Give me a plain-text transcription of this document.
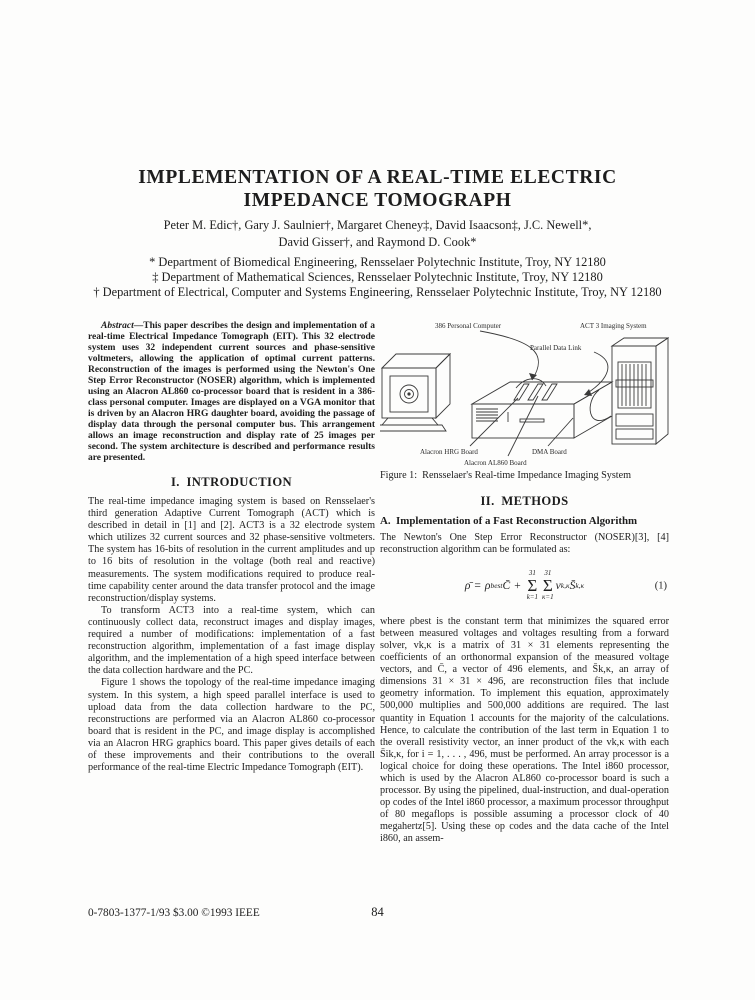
IMPLEMENTATION OF A REAL-TIME ELECTRIC
IMPEDANCE TOMOGRAPH
Peter M. Edic†, Gary J. Saulnier†, Margaret Cheney‡, David Isaacson‡, J.C. Newell*,
David Gisser†, and Raymond D. Cook*
* Department of Biomedical Engineering, Rensselaer Polytechnic Institute, Troy, NY 12180
‡ Department of Mathematical Sciences, Rensselaer Polytechnic Institute, Troy, NY 12180
† Department of Electrical, Computer and Systems Engineering, Rensselaer Polytechnic Institute, Troy, NY 12180

Abstract—This paper describes the design and implementation of a real-time Electrical Impedance Tomograph (EIT). This 32 electrode system uses 32 independent current sources and phase-sensitive voltmeters, allowing the application of optimal current patterns. Reconstruction of the images is performed using the Newton's One Step Error Reconstructor (NOSER) algorithm, which is implemented using an Alacron AL860 co-processor board that is resident in a 386-class personal computer. Images are displayed on a VGA monitor that is driven by an Alacron HRG daughter board, avoiding the passage of display data through the personal computer bus. This arrangement allows an image reconstruction and display rate of 25 images per second. The system architecture is described and performance results are presented.

I. INTRODUCTION

The real-time impedance imaging system is based on Rensselaer's third generation Adaptive Current Tomograph (ACT) which is described in detail in [1] and [2]. ACT3 is a 32 electrode system which utilizes 32 current sources and 32 phase-sensitive voltmeters. The system has 16-bits of resolution in the current amplitudes and up to 16 bits of resolution in the voltage (both real and reactive) measurements. The system modifications required to produce real-time capability center around the data transfer protocol and the image reconstruction/display systems.

To transform ACT3 into a real-time system, which can continuously collect data, reconstruct images and display images, required a number of modifications: implementation of a fast reconstruction algorithm, implementation of a fast image display algorithm, and the implementation of a high speed interface between the data collection hardware and the PC.

Figure 1 shows the topology of the real-time impedance imaging system. In this system, a high speed parallel interface is used to upload data from the data collection hardware to the PC, reconstructions are performed via an Alacron AL860 co-processor board that is resident in the PC, and image display is accomplished via an Alacron HRG graphics board. This paper gives details of each of these improvements and their contributions to the overall performance of the real-time Electric Impedance Tomograph (EIT).

386 Personal Computer	ACT 3 Imaging System
Parallel Data Link
Alacron HRG Board	DMA Board
Alacron AL860 Board

Figure 1: Rensselaer's Real-time Impedance Imaging System

II. METHODS
A. Implementation of a Fast Reconstruction Algorithm

The Newton's One Step Error Reconstructor (NOSER)[3], [4] reconstruction algorithm can be formulated as:

ρ̄ = ρ best C̄ +
31
Σ
k=1
31
Σ
κ=1
v k,κ S̄ k,κ	(1)

where ρbest is the constant term that minimizes the squared error between measured voltages and voltages resulting from a forward solver, vk,κ is a matrix of 31 × 31 elements representing the coefficients of an orthonormal expansion of the measured voltage vectors, and C̄, a vector of 496 elements, and S̄k,κ, an array of dimensions 31 × 31 × 496, are reconstruction files that include geometry information. To implement this equation, approximately 500,000 multiplies and 500,000 additions are required. The last quantity in Equation 1 accounts for the majority of the calculations. Hence, to calculate the contribution of the last term in Equation 1 to the overall resistivity vector, an inner product of the vk,κ with each S̄ik,κ, for i = 1, . . . , 496, must be performed. An array processor is a logical choice for doing these operations. The Intel i860 processor, which is used by the Alacron AL860 co-processor board is such a processor. By using the pipelined, dual-instruction, and dual-operation op codes of the Intel i860 processor, a maximum processor throughput of 80 megaflops is possible assuming a processor clock of 40 megahertz[5]. Using these op codes and the data cache of the Intel i860, an assem-

0-7803-1377-1/93 $3.00 ©1993 IEEE	84
